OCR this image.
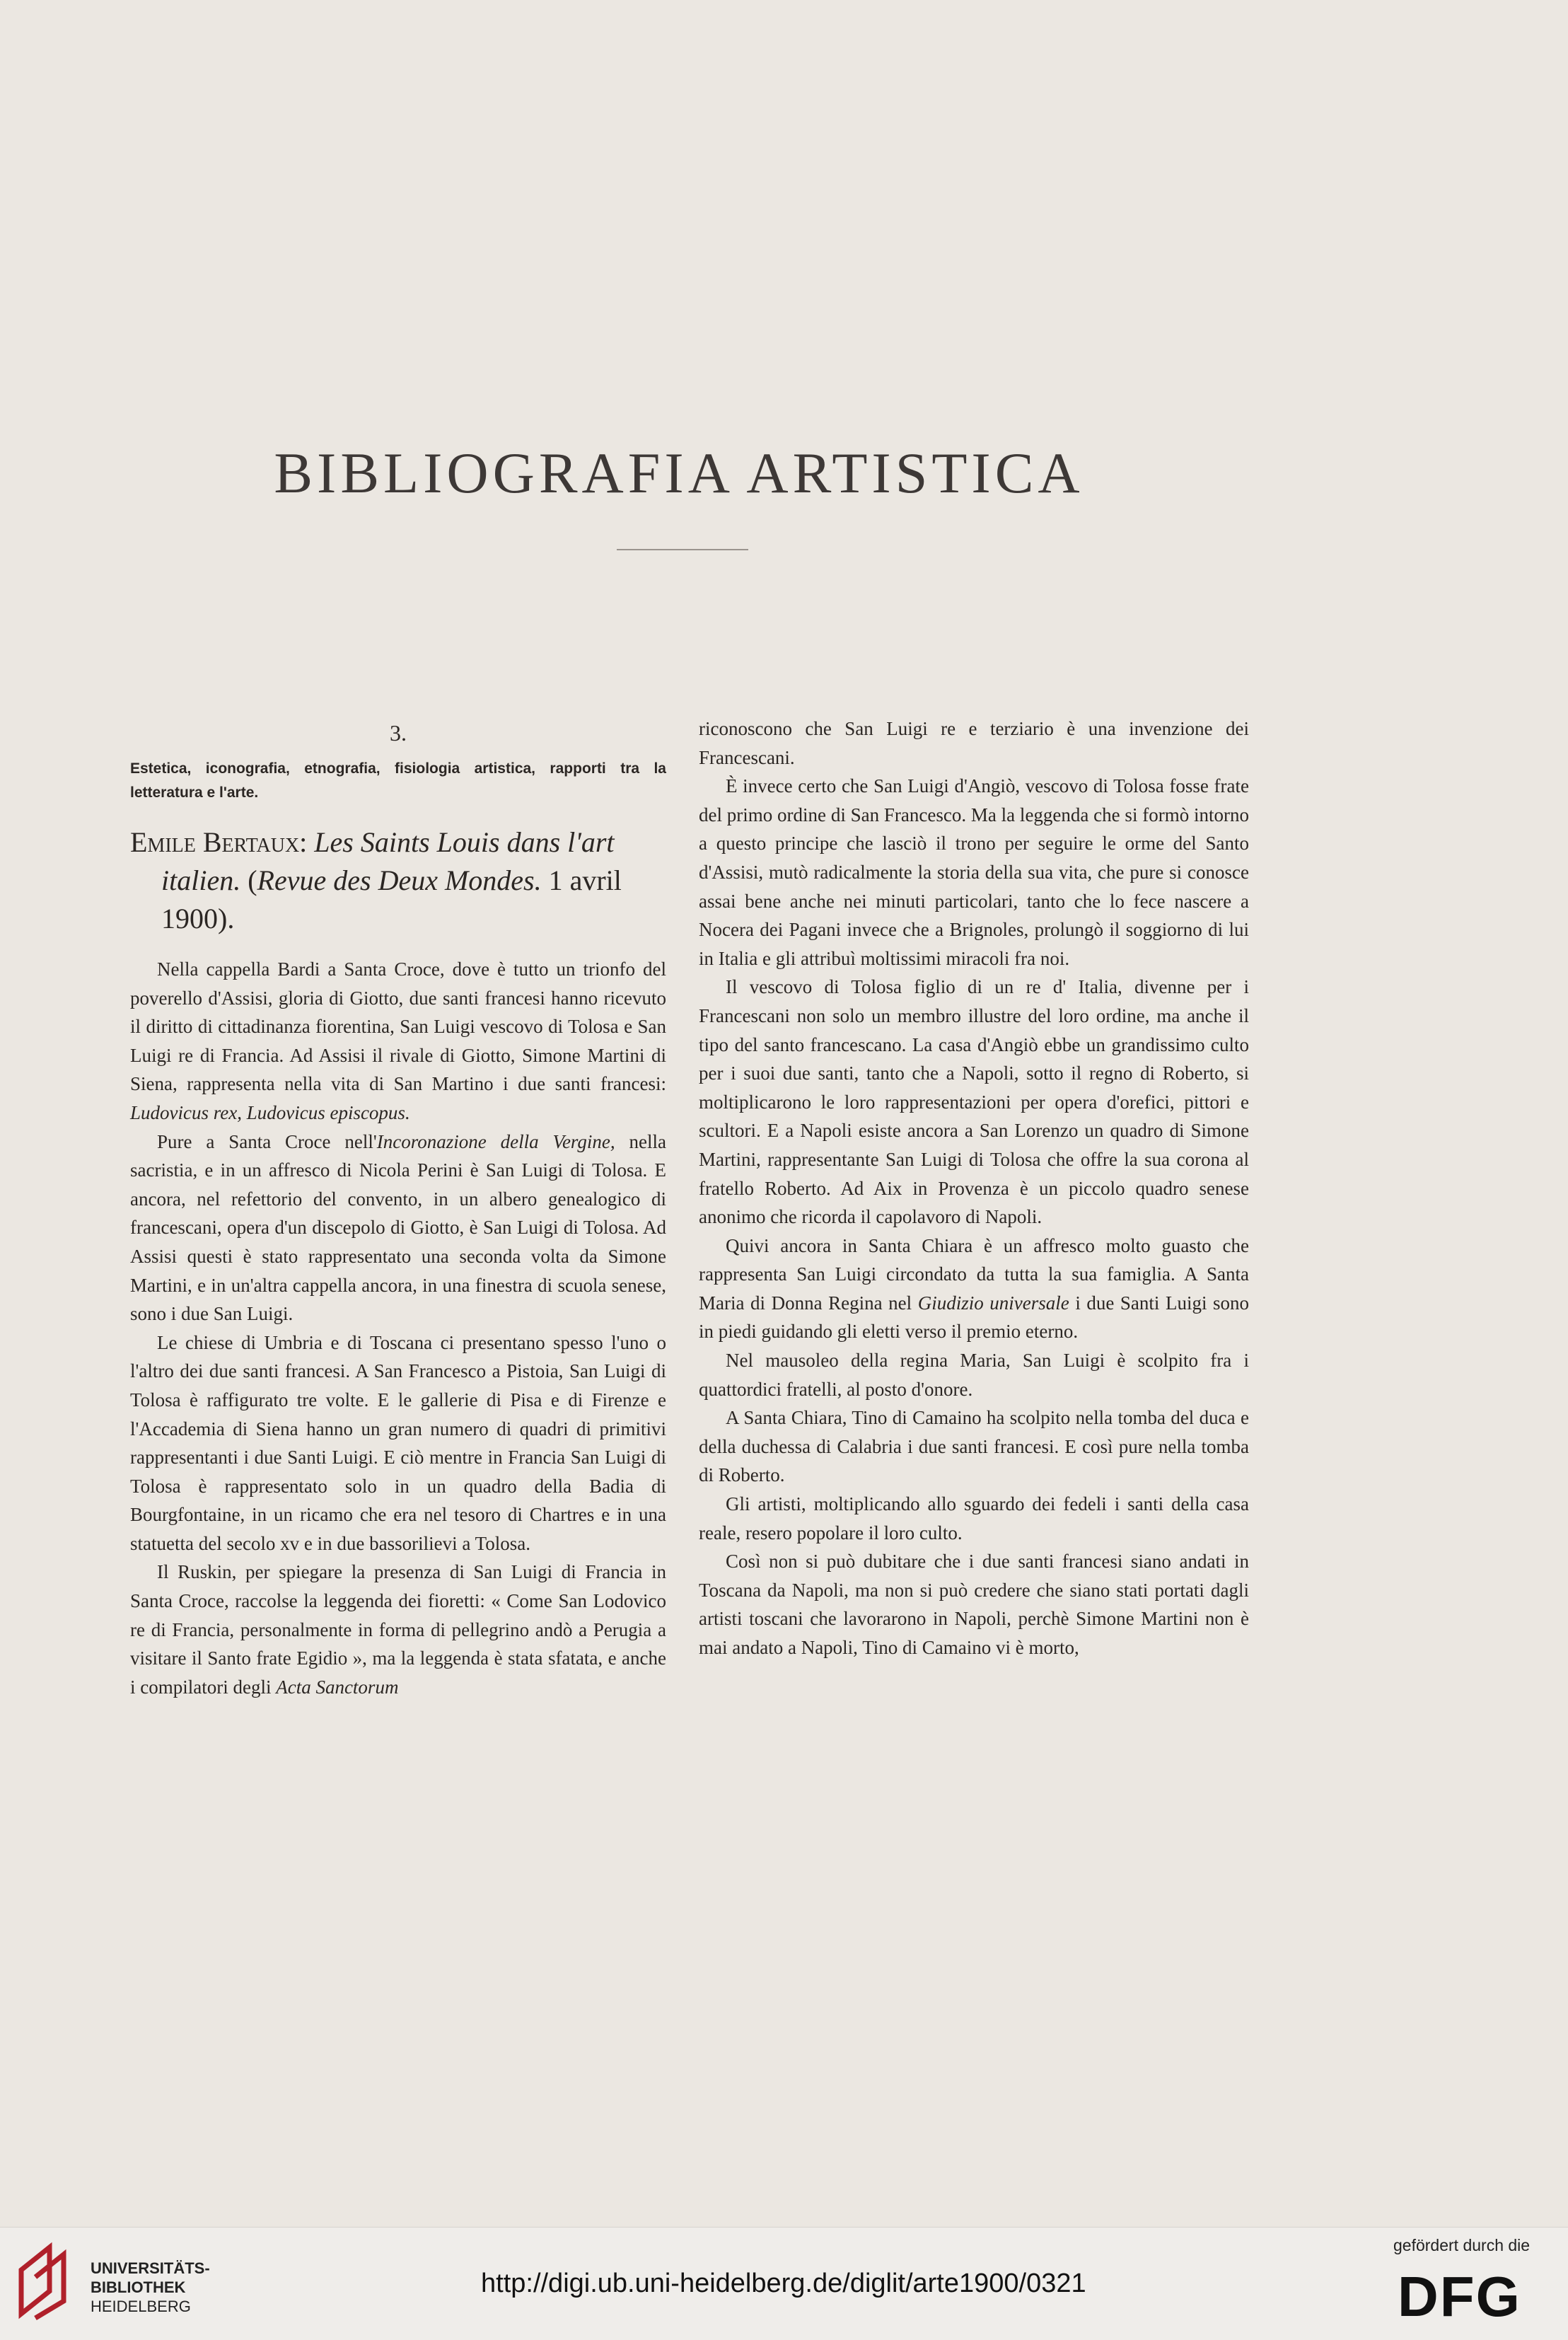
BIBLIOGRAFIA ARTISTICA
3.
Estetica, iconografia, etnografia, fisiologia artistica, rapporti tra la letteratura e l'arte.
Emile Bertaux: Les Saints Louis dans l'art italien. (Revue des Deux Mondes. 1 avril 1900).

Nella cappella Bardi a Santa Croce, dove è tutto un trionfo del poverello d'Assisi, gloria di Giotto, due santi francesi hanno ricevuto il diritto di cittadinanza fiorentina, San Luigi vescovo di Tolosa e San Luigi re di Francia. Ad Assisi il rivale di Giotto, Simone Martini di Siena, rappresenta nella vita di San Martino i due santi francesi: Ludovicus rex, Ludovicus episcopus.

Pure a Santa Croce nell'Incoronazione della Vergine, nella sacristia, e in un affresco di Nicola Perini è San Luigi di Tolosa. E ancora, nel refettorio del convento, in un albero genealogico di francescani, opera d'un discepolo di Giotto, è San Luigi di Tolosa. Ad Assisi questi è stato rappresentato una seconda volta da Simone Martini, e in un'altra cappella ancora, in una finestra di scuola senese, sono i due San Luigi.

Le chiese di Umbria e di Toscana ci presentano spesso l'uno o l'altro dei due santi francesi. A San Francesco a Pistoia, San Luigi di Tolosa è raffigurato tre volte. E le gallerie di Pisa e di Firenze e l'Accademia di Siena hanno un gran numero di quadri di primitivi rappresentanti i due Santi Luigi. E ciò mentre in Francia San Luigi di Tolosa è rappresentato solo in un quadro della Badia di Bourgfontaine, in un ricamo che era nel tesoro di Chartres e in una statuetta del secolo xv e in due bassorilievi a Tolosa.

Il Ruskin, per spiegare la presenza di San Luigi di Francia in Santa Croce, raccolse la leggenda dei fioretti: « Come San Lodovico re di Francia, personalmente in forma di pellegrino andò a Perugia a visitare il Santo frate Egidio », ma la leggenda è stata sfatata, e anche i compilatori degli Acta Sanctorum

riconoscono che San Luigi re e terziario è una invenzione dei Francescani.

È invece certo che San Luigi d'Angiò, vescovo di Tolosa fosse frate del primo ordine di San Francesco. Ma la leggenda che si formò intorno a questo principe che lasciò il trono per seguire le orme del Santo d'Assisi, mutò radicalmente la storia della sua vita, che pure si conosce assai bene anche nei minuti particolari, tanto che lo fece nascere a Nocera dei Pagani invece che a Brignoles, prolungò il soggiorno di lui in Italia e gli attribuì moltissimi miracoli fra noi.

Il vescovo di Tolosa figlio di un re d' Italia, divenne per i Francescani non solo un membro illustre del loro ordine, ma anche il tipo del santo francescano. La casa d'Angiò ebbe un grandissimo culto per i suoi due santi, tanto che a Napoli, sotto il regno di Roberto, si moltiplicarono le loro rappresentazioni per opera d'orefici, pittori e scultori. E a Napoli esiste ancora a San Lorenzo un quadro di Simone Martini, rappresentante San Luigi di Tolosa che offre la sua corona al fratello Roberto. Ad Aix in Provenza è un piccolo quadro senese anonimo che ricorda il capolavoro di Napoli.

Quivi ancora in Santa Chiara è un affresco molto guasto che rappresenta San Luigi circondato da tutta la sua famiglia. A Santa Maria di Donna Regina nel Giudizio universale i due Santi Luigi sono in piedi guidando gli eletti verso il premio eterno.

Nel mausoleo della regina Maria, San Luigi è scolpito fra i quattordici fratelli, al posto d'onore.

A Santa Chiara, Tino di Camaino ha scolpito nella tomba del duca e della duchessa di Calabria i due santi francesi. E così pure nella tomba di Roberto.

Gli artisti, moltiplicando allo sguardo dei fedeli i santi della casa reale, resero popolare il loro culto.

Così non si può dubitare che i due santi francesi siano andati in Toscana da Napoli, ma non si può credere che siano stati portati dagli artisti toscani che lavorarono in Napoli, perchè Simone Martini non è mai andato a Napoli, Tino di Camaino vi è morto,

UNIVERSITÄTS-
BIBLIOTHEK
HEIDELBERG
http://digi.ub.uni-heidelberg.de/diglit/arte1900/0321
gefördert durch die
DFG
